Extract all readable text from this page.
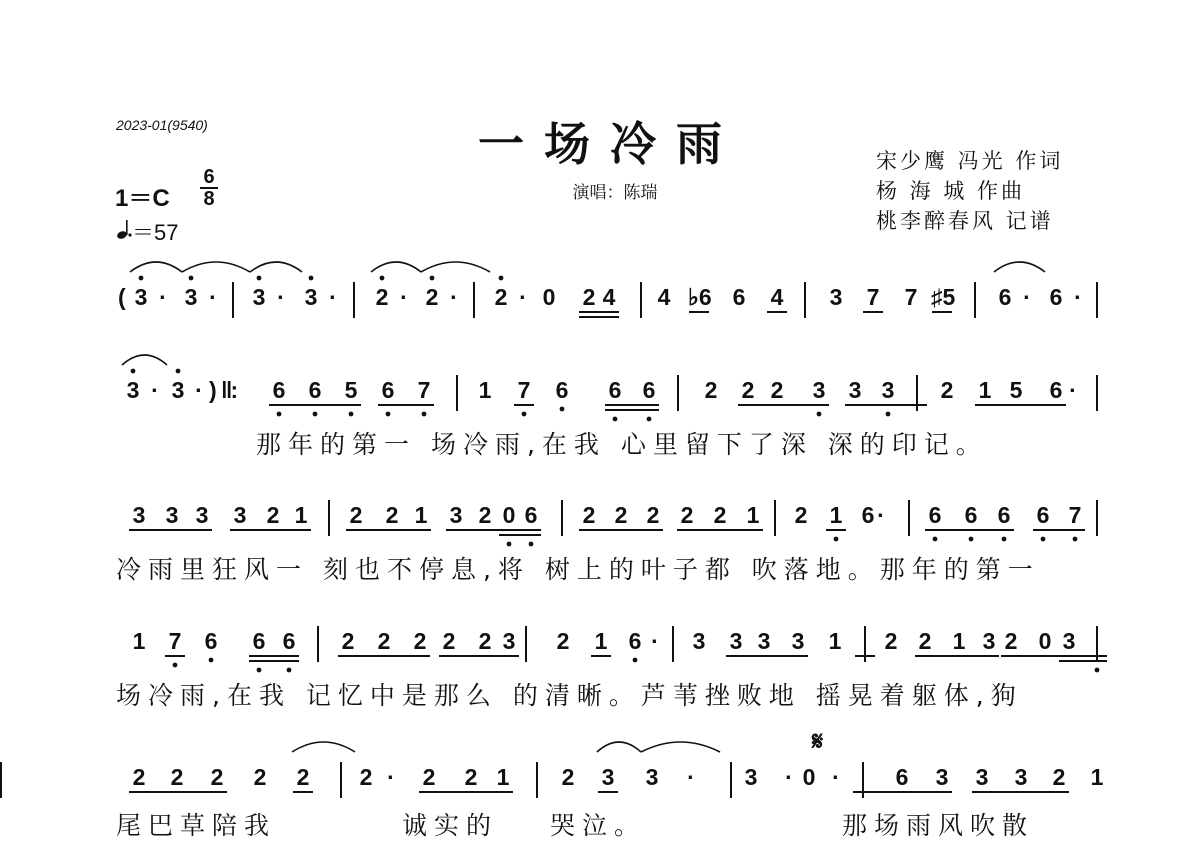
2023-01(9540)	一场冷雨
演唱：陈瑞
宋少鹰 冯光 作词
杨 海 城 作曲
桃李醉春风 记谱
1＝C
6
8
＝57
𝄋
( 3 · 3 ·	3 · 3 ·	2 · 2 ·	2 · 0 2 4 4 ♭6 6 4 3 7 7 ♯5 6 · 6 ·
3 · 3 · ) ‖: 6 6 5 6 7 1 7 6 6 6 2 2 2 3 3 3 2 1 5 6 ·
3 3 3 3 2 1 2 2 1 3 2 0 6 2 2 2 2 2 1 2 1 6 ·	6 6 6 6 7
1 7 6 6 6 2 2 2 2 2 3 2 1 6 ·	3 3 3 3 1 2 2 1 3 2 0 3
2 2 2 2 2 2 ·	2 2 1 2 3 3	·	3	· 0 ·	6 3 3 3 2 1
那年的第一 场冷雨,在我 心里留下了深 深的印记。
冷雨里狂风一 刻也不停息,将 树上的叶子都 吹落地。那年的第一
场冷雨,在我 记忆中是那么 的清晰。芦苇挫败地 摇晃着躯体,狗
尾巴草陪我	诚实的 哭泣。	那场雨风吹散
